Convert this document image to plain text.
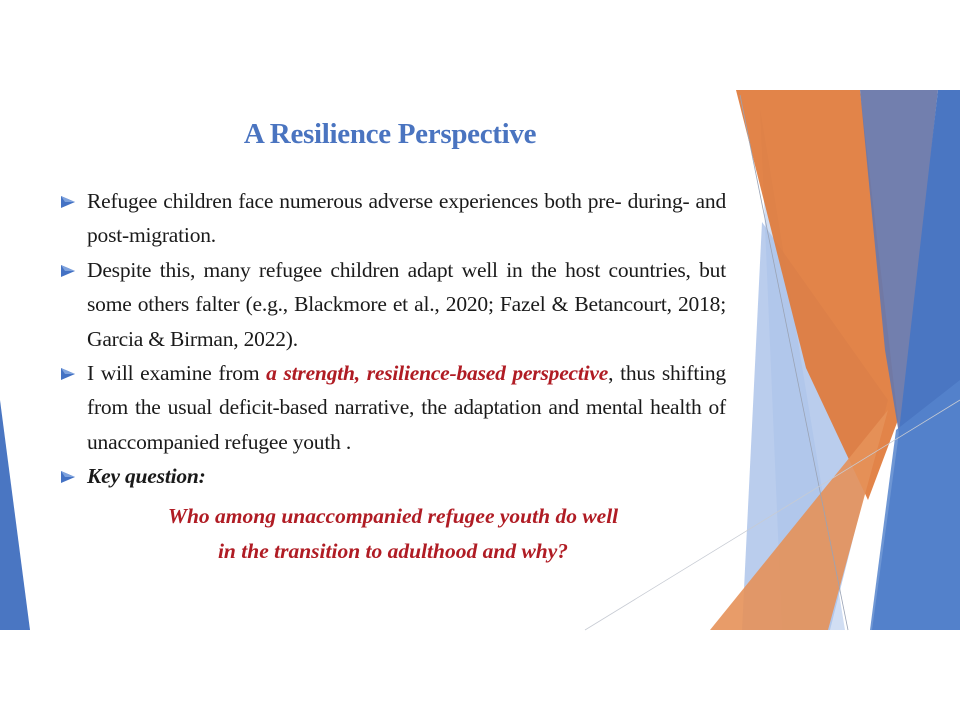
A Resilience Perspective
Refugee children face numerous adverse experiences both pre- during- and post-migration.
Despite this, many refugee children adapt well in the host countries, but some others falter (e.g., Blackmore et al., 2020; Fazel & Betancourt, 2018; Garcia & Birman, 2022).
I will examine from a strength, resilience-based perspective, thus shifting from the usual deficit-based narrative, the adaptation and mental health of unaccompanied refugee youth .
Key question:
Who among unaccompanied refugee youth do well
in the transition to adulthood and why?
